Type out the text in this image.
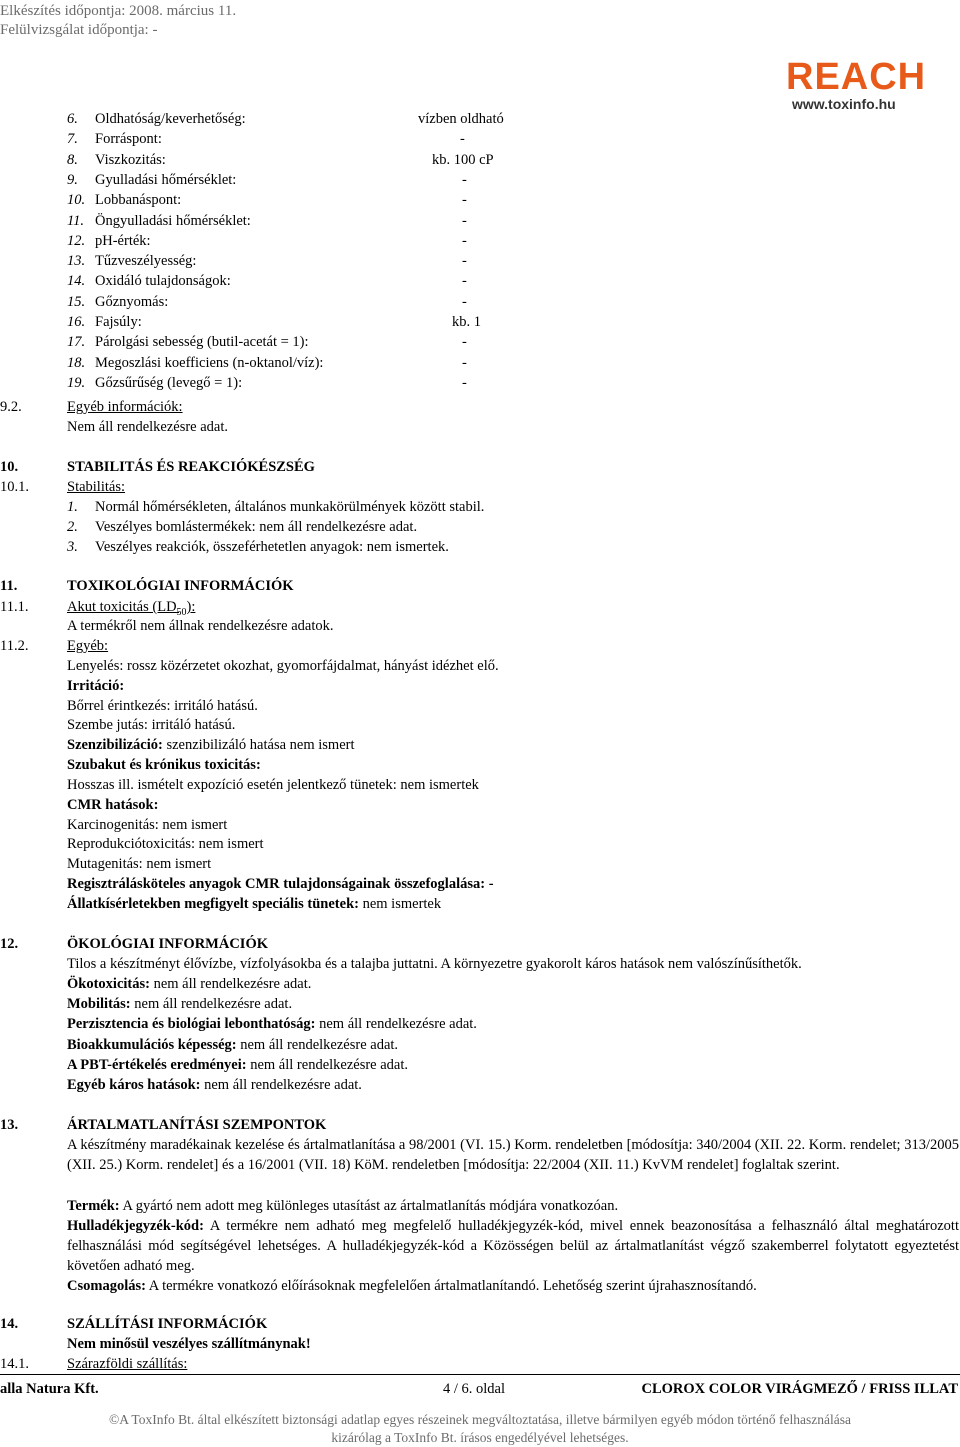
Elkészítés időpontja: 2008. március 11.
Felülvizsgálat időpontja: -
REACH
www.toxinfo.hu
6. Oldhatóság/keverhetőség:	vízben oldható
7. Forráspont:	-
8. Viszkozitás:	kb. 100 cP
9. Gyulladási hőmérséklet:	-
10. Lobbanáspont:	-
11. Öngyulladási hőmérséklet:	-
12. pH-érték:	-
13. Tűzveszélyesség:	-
14. Oxidáló tulajdonságok:	-
15. Gőznyomás:	-
16. Fajsúly:	kb. 1
17. Párolgási sebesség (butil-acetát = 1):	-
18. Megoszlási koefficiens (n-oktanol/víz):	-
19. Gőzsűrűség (levegő = 1):	-
9.2.	Egyéb információk:
Nem áll rendelkezésre adat.
10.	STABILITÁS ÉS REAKCIÓKÉSZSÉG
10.1.	Stabilitás:
1. Normál hőmérsékleten, általános munkakörülmények között stabil.
2. Veszélyes bomlástermékek: nem áll rendelkezésre adat.
3. Veszélyes reakciók, összeférhetetlen anyagok: nem ismertek.
11.	TOXIKOLÓGIAI INFORMÁCIÓK
11.1.	Akut toxicitás $(LD_{50})$:
A termékről nem állnak rendelkezésre adatok.
11.2.	Egyéb:
Lenyelés: rossz közérzetet okozhat, gyomorfájdalmat, hányást idézhet elő.
Irritáció:
Bőrrel érintkezés: irritáló hatású.
Szembe jutás: irritáló hatású.
Szenzibilizáció: szenzibilizáló hatása nem ismert
Szubakut és krónikus toxicitás:
Hosszas ill. ismételt expozíció esetén jelentkező tünetek: nem ismertek
CMR hatások:
Karcinogenitás: nem ismert
Reprodukciótoxicitás: nem ismert
Mutagenitás: nem ismert
Regisztrálásköteles anyagok CMR tulajdonságainak összefoglalása: -
Állatkísérletekben megfigyelt speciális tünetek: nem ismertek
12.	ÖKOLÓGIAI INFORMÁCIÓK
Tilos a készítményt élővízbe, vízfolyásokba és a talajba juttatni. A környezetre gyakorolt káros hatások nem valószínűsíthetők.
Ökotoxicitás: nem áll rendelkezésre adat.
Mobilitás: nem áll rendelkezésre adat.
Perzisztencia és biológiai lebonthatóság: nem áll rendelkezésre adat.
Bioakkumulációs képesség: nem áll rendelkezésre adat.
A PBT-értékelés eredményei: nem áll rendelkezésre adat.
Egyéb káros hatások: nem áll rendelkezésre adat.
13.	ÁRTALMATLANÍTÁSI SZEMPONTOK
A készítmény maradékainak kezelése és ártalmatlanítása a 98/2001 (VI. 15.) Korm. rendeletben [módosítja: 340/2004 (XII. 22. Korm. rendelet; 313/2005 (XII. 25.) Korm. rendelet] és a 16/2001 (VII. 18) KöM. rendeletben [módosítja: 22/2004 (XII. 11.) KvVM rendelet] foglaltak szerint.
Termék: A gyártó nem adott meg különleges utasítást az ártalmatlanítás módjára vonatkozóan.
Hulladékjegyzék-kód: A termékre nem adható meg megfelelő hulladékjegyzék-kód, mivel ennek beazonosítása a felhasználó által meghatározott felhasználási mód segítségével lehetséges. A hulladékjegyzék-kód a Közösségen belül az ártalmatlanítást végző szakemberrel folytatott egyeztetést követően adható meg.
Csomagolás: A termékre vonatkozó előírásoknak megfelelően ártalmatlanítandó. Lehetőség szerint újrahasznosítandó.
14.	SZÁLLÍTÁSI INFORMÁCIÓK
Nem minősül veszélyes szállítmánynak!
14.1.	Szárazföldi szállítás:
alla Natura Kft.	4 / 6. oldal	CLOROX COLOR VIRÁGMEZŐ / FRISS ILLAT
©A ToxInfo Bt. által elkészített biztonsági adatlap egyes részeinek megváltoztatása, illetve bármilyen egyéb módon történő felhasználása
kizárólag a ToxInfo Bt. írásos engedélyével lehetséges.
